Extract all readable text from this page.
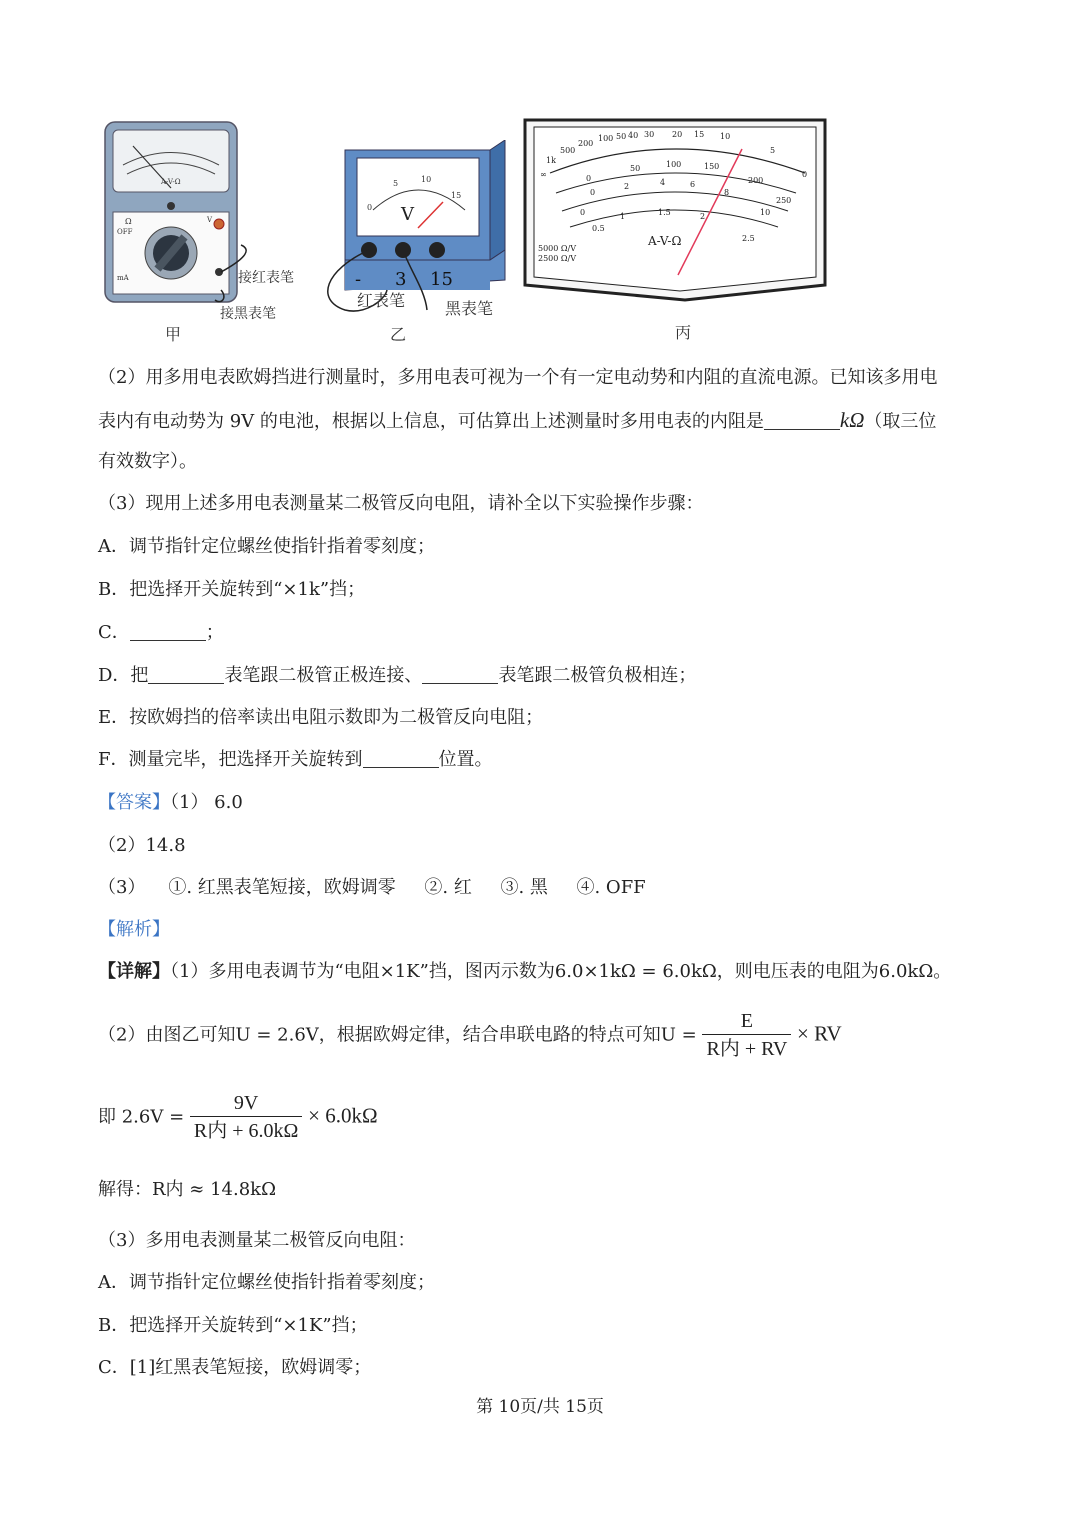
A-V-Ω
Ω
OFF
mA
V
接红表笔
接黑表笔
0
5	10
15
V
- 3 15
红表笔 黑表笔
∞
1k
500
200
100 50 40 30 20 15 10
5
0
0
50	100	150
200
250
0
2	4	6
8
10
0
0.5
1	1.5	2
2.5
A-V-Ω
5000 Ω/V
2500 Ω/V
甲	乙	丙
（2）用多用电表欧姆挡进行测量时，多用电表可视为一个有一定电动势和内阻的直流电源。已知该多用电
表内有电动势为 9V 的电池，根据以上信息，可估算出上述测量时多用电表的内阻是	kΩ（取三位
有效数字）。
（3）现用上述多用电表测量某二极管反向电阻，请补全以下实验操作步骤：
A．调节指针定位螺丝使指针指着零刻度；
B．把选择开关旋转到“×1k”挡；
C．	；
D．把	表笔跟二极管正极连接、	表笔跟二极管负极相连；
E．按欧姆挡的倍率读出电阻示数即为二极管反向电阻；
F．测量完毕，把选择开关旋转到	位置。
【答案】（1） 6.0
（2）14.8
（3）    ①. 红黑表笔短接，欧姆调零     ②. 红     ③. 黑     ④. OFF
【解析】
【详解】（1）多用电表调节为“电阻×1K”挡，图丙示数为6.0×1kΩ = 6.0kΩ，则电压表的电阻为6.0kΩ。
（2）由图乙可知U = 2.6V，根据欧姆定律，结合串联电路的特点可知$U = \frac{E}{\text{R内 + RV}}$ × RV
即 $2.6V = \frac{9V}{\text{R内 + 6.0kΩ}} \times 6.0k\Omega$
解得：R内 ≈ 14.8kΩ
（3）多用电表测量某二极管反向电阻：
A．调节指针定位螺丝使指针指着零刻度；
B．把选择开关旋转到“×1K”挡；
C．[1]红黑表笔短接，欧姆调零；
第 10页/共 15页
